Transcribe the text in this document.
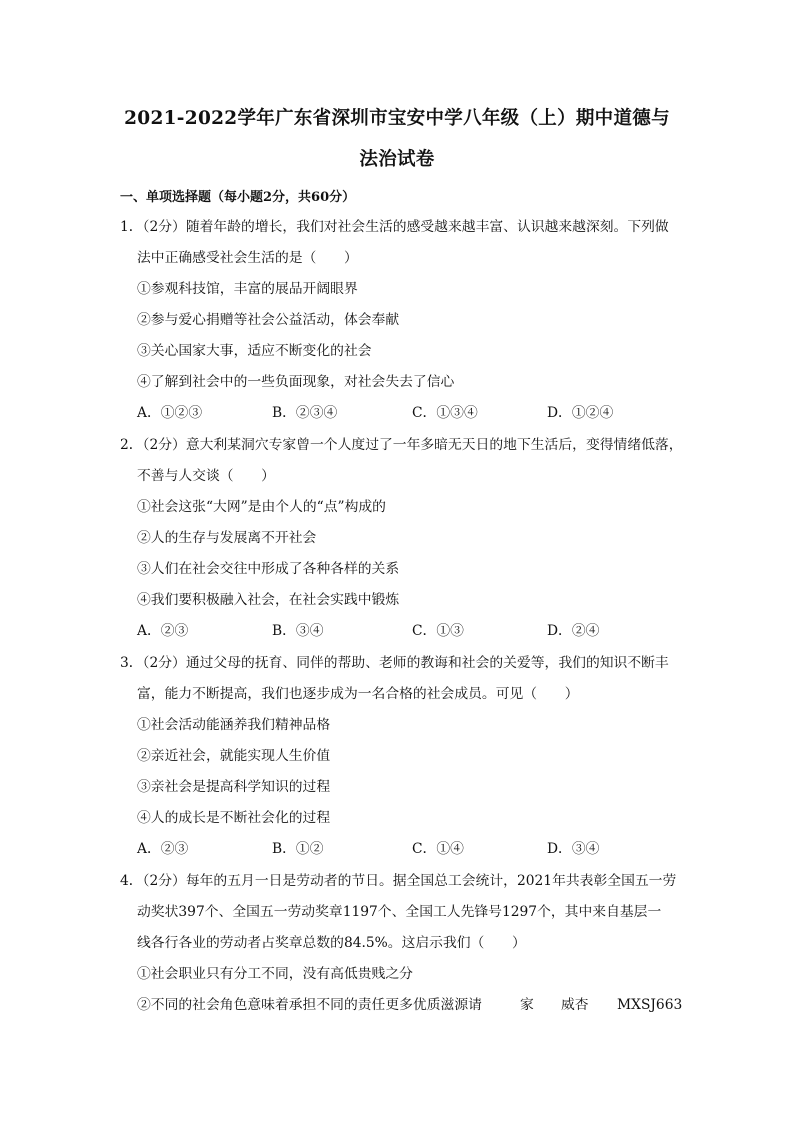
2021-2022学年广东省深圳市宝安中学八年级（上）期中道德与
法治试卷
一、单项选择题（每小题2分，共60分）
1．（2分）随着年龄的增长，我们对社会生活的感受越来越丰富、认识越来越深刻。下列做
法中正确感受社会生活的是（　　）
①参观科技馆，丰富的展品开阔眼界
②参与爱心捐赠等社会公益活动，体会奉献
③关心国家大事，适应不断变化的社会
④了解到社会中的一些负面现象，对社会失去了信心
A．①②③	B．②③④	C．①③④	D．①②④
2．（2分）意大利某洞穴专家曾一个人度过了一年多暗无天日的地下生活后，变得情绪低落，
不善与人交谈（　　）
①社会这张“大网”是由个人的“点”构成的
②人的生存与发展离不开社会
③人们在社会交往中形成了各种各样的关系
④我们要积极融入社会，在社会实践中锻炼
A．②③	B．③④	C．①③	D．②④
3．（2分）通过父母的抚育、同伴的帮助、老师的教诲和社会的关爱等，我们的知识不断丰
富，能力不断提高，我们也逐步成为一名合格的社会成员。可见（　　）
①社会活动能涵养我们精神品格
②亲近社会，就能实现人生价值
③亲社会是提高科学知识的过程
④人的成长是不断社会化的过程
A．②③	B．①②	C．①④	D．③④
4．（2分）每年的五月一日是劳动者的节日。据全国总工会统计，2021年共表彰全国五一劳
动奖状397个、全国五一劳动奖章1197个、全国工人先锋号1297个，其中来自基层一
线各行各业的劳动者占奖章总数的84.5%。这启示我们（　　）
①社会职业只有分工不同，没有高低贵贱之分
②不同的社会角色意味着承担不同的责任更多优质滋源请	家 威杏 MXSJ663
